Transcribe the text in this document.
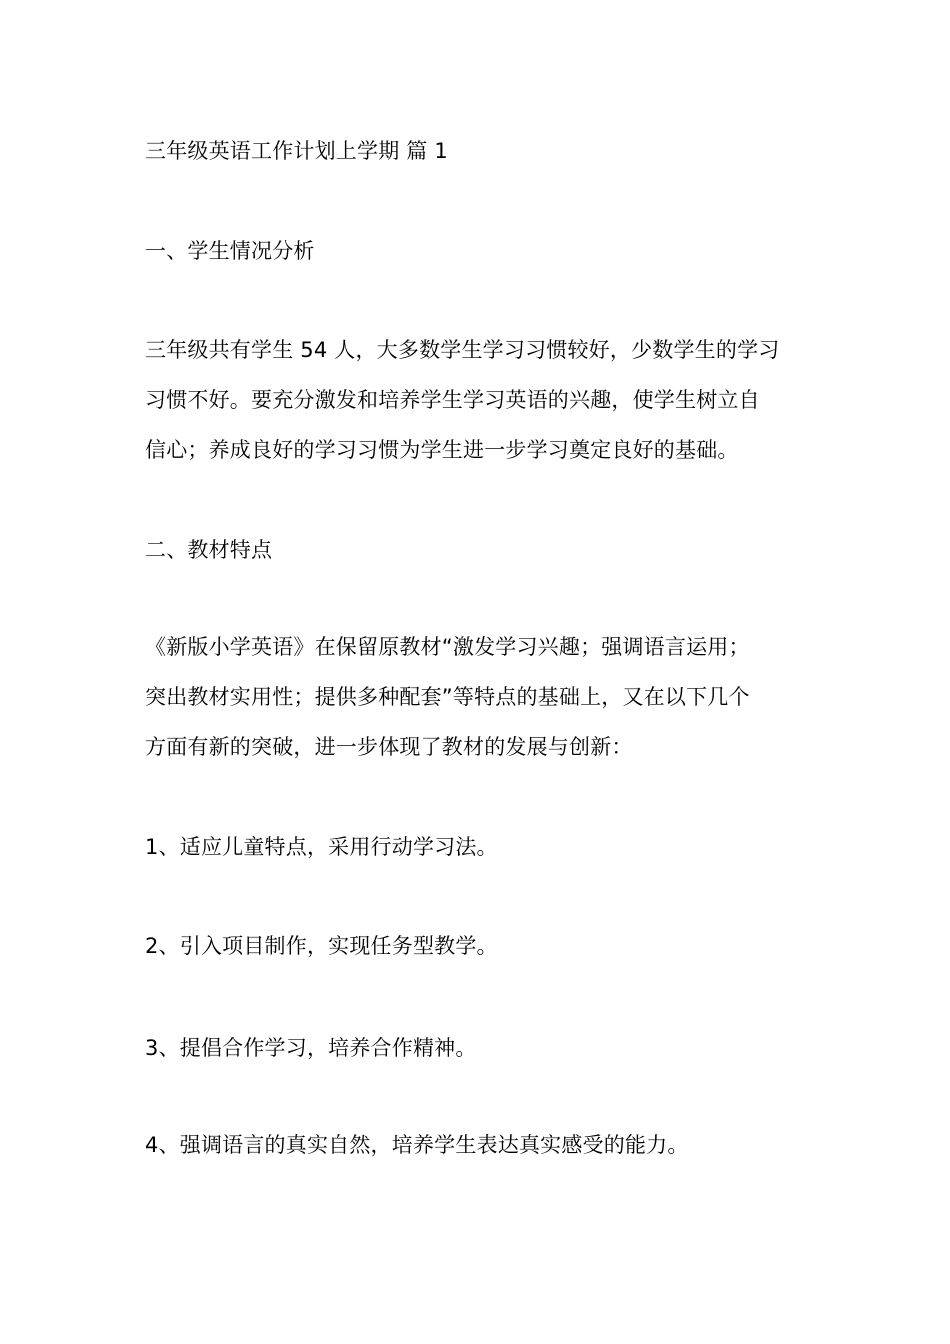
三年级英语工作计划上学期 篇 1

一、学生情况分析

三年级共有学生 54 人，大多数学生学习习惯较好，少数学生的学习
习惯不好。要充分激发和培养学生学习英语的兴趣，使学生树立自
信心；养成良好的学习习惯为学生进一步学习奠定良好的基础。

二、教材特点

《新版小学英语》在保留原教材“激发学习兴趣；强调语言运用；
突出教材实用性；提供多种配套”等特点的基础上，又在以下几个
方面有新的突破，进一步体现了教材的发展与创新：

1、适应儿童特点，采用行动学习法。

2、引入项目制作，实现任务型教学。

3、提倡合作学习，培养合作精神。

4、强调语言的真实自然，培养学生表达真实感受的能力。
